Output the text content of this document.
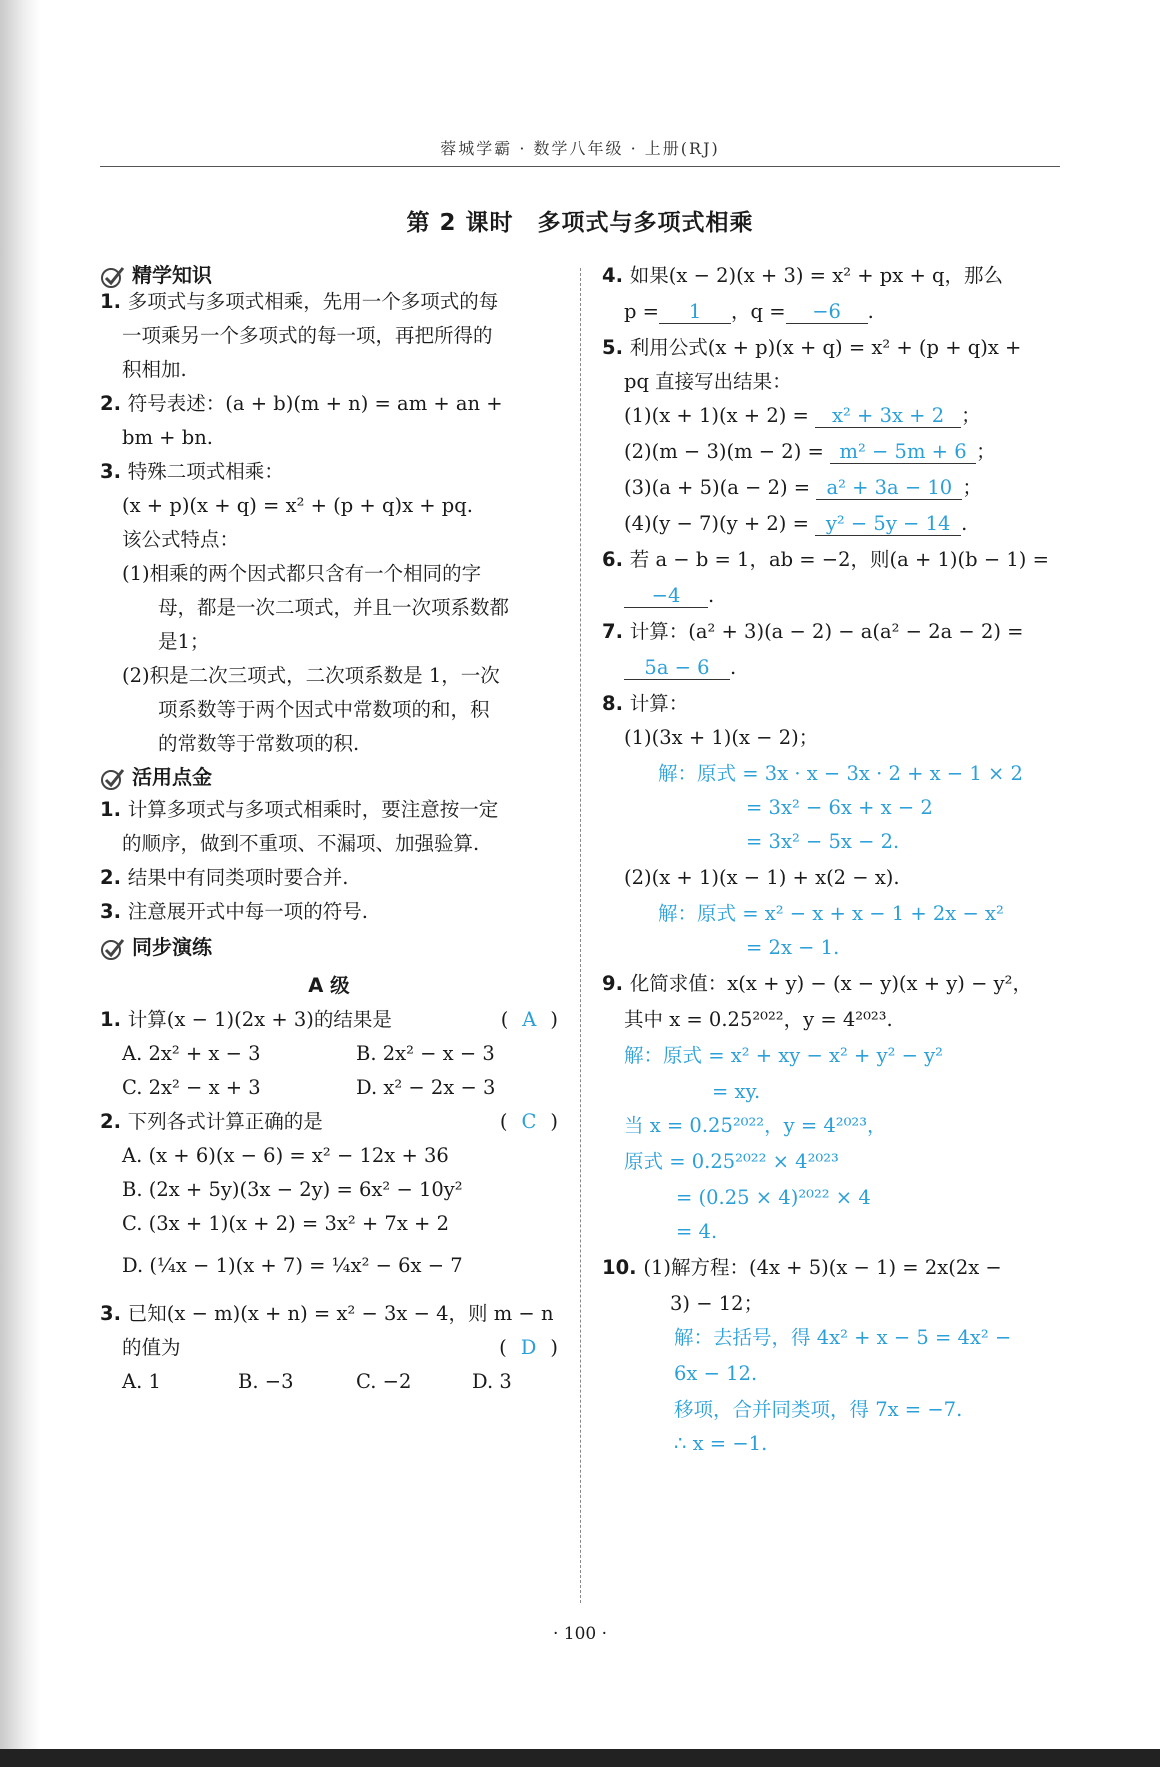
蓉城学霸 · 数学八年级 · 上册(RJ)
第 2 课时　多项式与多项式相乘
精学知识
1. 多项式与多项式相乘，先用一个多项式的每
一项乘另一个多项式的每一项，再把所得的
积相加.
2. 符号表述：(a + b)(m + n) = am + an +
bm + bn.
3. 特殊二项式相乘：
(x + p)(x + q) = x² + (p + q)x + pq.
该公式特点：
(1)相乘的两个因式都只含有一个相同的字
母，都是一次二项式，并且一次项系数都
是1；
(2)积是二次三项式，二次项系数是 1，一次
项系数等于两个因式中常数项的和，积
的常数等于常数项的积.
活用点金
1. 计算多项式与多项式相乘时，要注意按一定
的顺序，做到不重项、不漏项、加强验算.
2. 结果中有同类项时要合并.
3. 注意展开式中每一项的符号.
同步演练
A 级
1. 计算(x − 1)(2x + 3)的结果是	( A )
A. 2x² + x − 3	B. 2x² − x − 3
C. 2x² − x + 3	D. x² − 2x − 3
2. 下列各式计算正确的是	( C )
A. (x + 6)(x − 6) = x² − 12x + 36
B. (2x + 5y)(3x − 2y) = 6x² − 10y²
C. (3x + 1)(x + 2) = 3x² + 7x + 2
D. (¼x − 1)(x + 7) = ¼x² − 6x − 7
3. 已知(x − m)(x + n) = x² − 3x − 4，则 m − n
的值为	( D )
A. 1	B. −3	C. −2	D. 3
4. 如果(x − 2)(x + 3) = x² + px + q，那么
p = 1 ，q = −6 .
5. 利用公式(x + p)(x + q) = x² + (p + q)x +
pq 直接写出结果：
(1)(x + 1)(x + 2) = x² + 3x + 2 ；
(2)(m − 3)(m − 2) = m² − 5m + 6 ；
(3)(a + 5)(a − 2) = a² + 3a − 10 ；
(4)(y − 7)(y + 2) = y² − 5y − 14 .
6. 若 a − b = 1，ab = −2，则(a + 1)(b − 1) =
−4 .
7. 计算：(a² + 3)(a − 2) − a(a² − 2a − 2) =
5a − 6 .
8. 计算：
(1)(3x + 1)(x − 2)；
解：原式 = 3x · x − 3x · 2 + x − 1 × 2
= 3x² − 6x + x − 2
= 3x² − 5x − 2.
(2)(x + 1)(x − 1) + x(2 − x).
解：原式 = x² − x + x − 1 + 2x − x²
= 2x − 1.
9. 化简求值：x(x + y) − (x − y)(x + y) − y²，
其中 x = 0.25²⁰²²，y = 4²⁰²³.
解：原式 = x² + xy − x² + y² − y²
= xy.
当 x = 0.25²⁰²²，y = 4²⁰²³，
原式 = 0.25²⁰²² × 4²⁰²³
= (0.25 × 4)²⁰²² × 4
= 4.
10. (1)解方程：(4x + 5)(x − 1) = 2x(2x −
3) − 12；
解：去括号，得 4x² + x − 5 = 4x² −
6x − 12.
移项，合并同类项，得 7x = −7.
∴ x = −1.
· 100 ·
